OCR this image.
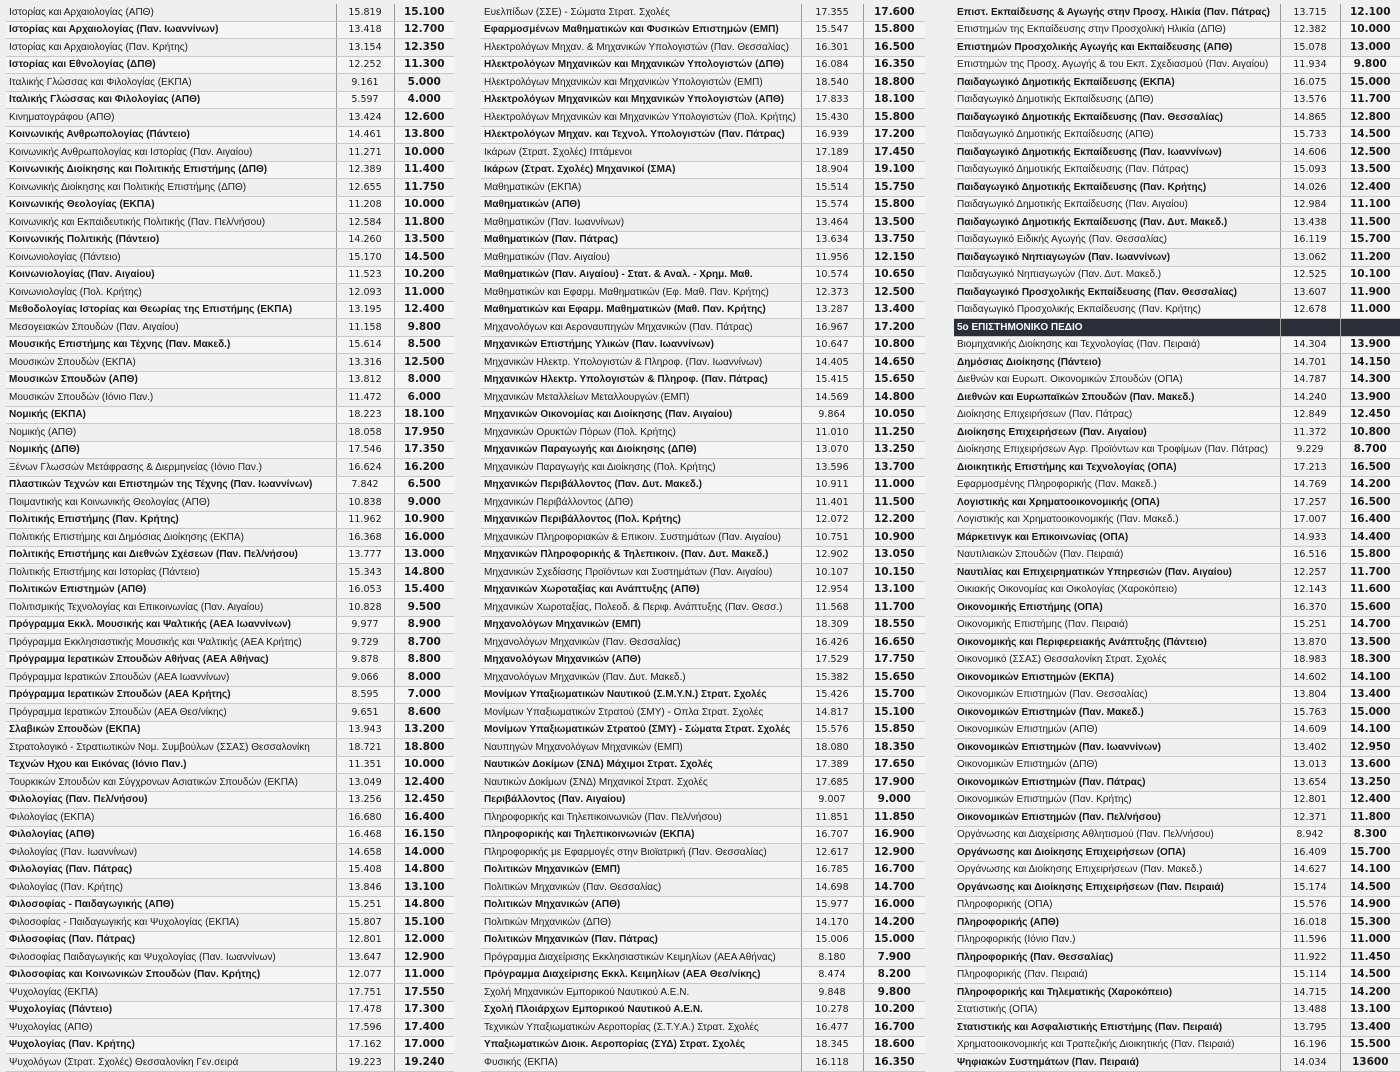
Ιστορίας και Αρχαιολογίας (ΑΠΘ)	15.819	15.100
Ιστορίας και Αρχαιολογίας (Παν. Ιωαννίνων)	13.418	12.700
Ιστορίας και Αρχαιολογίας (Παν. Κρήτης)	13.154	12.350
Ιστορίας και Εθνολογίας (ΔΠΘ)	12.252	11.300
Ιταλικής Γλώσσας και Φιλολογίας (ΕΚΠΑ)	9.161	5.000
Ιταλικής Γλώσσας και Φιλολογίας (ΑΠΘ)	5.597	4.000
Κινηματογράφου (ΑΠΘ)	13.424	12.600
Κοινωνικής Ανθρωπολογίας (Πάντειο)	14.461	13.800
Κοινωνικής Ανθρωπολογίας και Ιστορίας (Παν. Αιγαίου)	11.271	10.000
Κοινωνικής Διοίκησης και Πολιτικής Επιστήμης (ΔΠΘ)	12.389	11.400
Κοινωνικής Διοίκησης και Πολιτικής Επιστήμης (ΔΠΘ)	12.655	11.750
Κοινωνικής Θεολογίας (ΕΚΠΑ)	11.208	10.000
Κοινωνικής και Εκπαιδευτικής Πολιτικής (Παν. Πελ/νήσου)	12.584	11.800
Κοινωνικής Πολιτικής (Πάντειο)	14.260	13.500
Κοινωνιολογίας (Πάντειο)	15.170	14.500
Κοινωνιολογίας (Παν. Αιγαίου)	11.523	10.200
Κοινωνιολογίας (Πολ. Κρήτης)	12.093	11.000
Μεθοδολογίας Ιστορίας και Θεωρίας της Επιστήμης (ΕΚΠΑ)	13.195	12.400
Μεσογειακών Σπουδών (Παν. Αιγαίου)	11.158	9.800
Μουσικής Επιστήμης και Τέχνης (Παν. Μακεδ.)	15.614	8.500
Μουσικών Σπουδών (ΕΚΠΑ)	13.316	12.500
Μουσικών Σπουδών (ΑΠΘ)	13.812	8.000
Μουσικών Σπουδών (Ιόνιο Παν.)	11.472	6.000
Νομικής (ΕΚΠΑ)	18.223	18.100
Νομικής (ΑΠΘ)	18.058	17.950
Νομικής (ΔΠΘ)	17.546	17.350
Ξένων Γλωσσών Μετάφρασης & Διερμηνείας (Ιόνιο Παν.)	16.624	16.200
Πλαστικών Τεχνών και Επιστημών της Τέχνης (Παν. Ιωαννίνων)	7.842	6.500
Ποιμαντικής και Κοινωνικής Θεολογίας (ΑΠΘ)	10.838	9.000
Πολιτικής Επιστήμης (Παν. Κρήτης)	11.962	10.900
Πολιτικής Επιστήμης και Δημόσιας Διοίκησης (ΕΚΠΑ)	16.368	16.000
Πολιτικής Επιστήμης και Διεθνών Σχέσεων (Παν. Πελ/νήσου)	13.777	13.000
Πολιτικής Επιστήμης και Ιστορίας (Πάντειο)	15.343	14.800
Πολιτικών Επιστημών (ΑΠΘ)	16.053	15.400
Πολιτισμικής Τεχνολογίας και Επικοινωνίας (Παν. Αιγαίου)	10.828	9.500
Πρόγραμμα Εκκλ. Μουσικής και Ψαλτικής (ΑΕΑ Ιωαννίνων)	9.977	8.900
Πρόγραμμα Εκκλησιαστικής Μουσικής και Ψαλτικής (ΑΕΑ Κρήτης)	9.729	8.700
Πρόγραμμα Ιερατικών Σπουδών Αθήνας (ΑΕΑ Αθήνας)	9.878	8.800
Πρόγραμμα Ιερατικών Σπουδών (ΑΕΑ Ιωαννίνων)	9.066	8.000
Πρόγραμμα Ιερατικών Σπουδών (ΑΕΑ Κρήτης)	8.595	7.000
Πρόγραμμα Ιερατικών Σπουδών (ΑΕΑ Θεσ/νίκης)	9.651	8.600
Σλαβικών Σπουδών (ΕΚΠΑ)	13.943	13.200
Στρατολογικό - Στρατιωτικών Νομ. Συμβούλων (ΣΣΑΣ) Θεσσαλονίκη	18.721	18.800
Τεχνών Ηχου και Εικόνας (Ιόνιο Παν.)	11.351	10.000
Τουρκικών Σπουδών και Σύγχρονων Ασιατικών Σπουδών (ΕΚΠΑ)	13.049	12.400
Φιλολογίας (Παν. Πελ/νήσου)	13.256	12.450
Φιλολογίας (ΕΚΠΑ)	16.680	16.400
Φιλολογίας (ΑΠΘ)	16.468	16.150
Φιλολογίας (Παν. Ιωαννίνων)	14.658	14.000
Φιλολογίας (Παν. Πάτρας)	15.408	14.800
Φιλολογίας (Παν. Κρήτης)	13.846	13.100
Φιλοσοφίας - Παιδαγωγικής (ΑΠΘ)	15.251	14.800
Φιλοσοφίας - Παιδαγωγικής και Ψυχολογίας (ΕΚΠΑ)	15.807	15.100
Φιλοσοφίας (Παν. Πάτρας)	12.801	12.000
Φιλοσοφίας Παιδαγωγικής και Ψυχολογίας (Παν. Ιωαννίνων)	13.647	12.900
Φιλοσοφίας και Κοινωνικών Σπουδών (Παν. Κρήτης)	12.077	11.000
Ψυχολογίας (ΕΚΠΑ)	17.751	17.550
Ψυχολογίας (Πάντειο)	17.478	17.300
Ψυχολογίας (ΑΠΘ)	17.596	17.400
Ψυχολογίας (Παν. Κρήτης)	17.162	17.000
Ψυχολόγων (Στρατ. Σχολές) Θεσσαλονίκη Γεν.σειρά	19.223	19.240
Ευελπίδων (ΣΣΕ) - Σώματα Στρατ. Σχολές	17.355	17.600
Εφαρμοσμένων Μαθηματικών και Φυσικών Επιστημών (ΕΜΠ)	15.547	15.800
Ηλεκτρολόγων Μηχαν. & Μηχανικών Υπολογιστών (Παν. Θεσσαλίας)	16.301	16.500
Ηλεκτρολόγων Μηχανικών και Μηχανικών Υπολογιστών (ΔΠΘ)	16.084	16.350
Ηλεκτρολόγων Μηχανικών και Μηχανικών Υπολογιστών (ΕΜΠ)	18.540	18.800
Ηλεκτρολόγων Μηχανικών και Μηχανικών Υπολογιστών (ΑΠΘ)	17.833	18.100
Ηλεκτρολόγων Μηχανικών και Μηχανικών Υπολογιστών (Πολ. Κρήτης)	15.430	15.800
Ηλεκτρολόγων Μηχαν. και Τεχνολ. Υπολογιστών (Παν. Πάτρας)	16.939	17.200
Ικάρων (Στρατ. Σχολές) Ιπτάμενοι	17.189	17.450
Ικάρων (Στρατ. Σχολές) Μηχανικοί (ΣΜΑ)	18.904	19.100
Μαθηματικών (ΕΚΠΑ)	15.514	15.750
Μαθηματικών (ΑΠΘ)	15.574	15.800
Μαθηματικών (Παν. Ιωαννίνων)	13.464	13.500
Μαθηματικών (Παν. Πάτρας)	13.634	13.750
Μαθηματικών (Παν. Αιγαίου)	11.956	12.150
Μαθηματικών (Παν. Αιγαίου) - Στατ. & Αναλ. - Χρημ. Μαθ.	10.574	10.650
Μαθηματικών και Εφαρμ. Μαθηματικών (Εφ. Μαθ. Παν. Κρήτης)	12.373	12.500
Μαθηματικών και Εφαρμ. Μαθηματικών (Μαθ. Παν. Κρήτης)	13.287	13.400
Μηχανολόγων και Αεροναυπηγών Μηχανικών (Παν. Πάτρας)	16.967	17.200
Μηχανικών Επιστήμης Υλικών (Παν. Ιωαννίνων)	10.647	10.800
Μηχανικών Ηλεκτρ. Υπολογιστών & Πληροφ. (Παν. Ιωαννίνων)	14.405	14.650
Μηχανικών Ηλεκτρ. Υπολογιστών & Πληροφ. (Παν. Πάτρας)	15.415	15.650
Μηχανικών Μεταλλείων Μεταλλουργών (ΕΜΠ)	14.569	14.800
Μηχανικών Οικονομίας και Διοίκησης (Παν. Αιγαίου)	9.864	10.050
Μηχανικών Ορυκτών Πόρων (Πολ. Κρήτης)	11.010	11.250
Μηχανικών Παραγωγής και Διοίκησης (ΔΠΘ)	13.070	13.250
Μηχανικών Παραγωγής και Διοίκησης (Πολ. Κρήτης)	13.596	13.700
Μηχανικών Περιβάλλοντος (Παν. Δυτ. Μακεδ.)	10.911	11.000
Μηχανικών Περιβάλλοντος (ΔΠΘ)	11.401	11.500
Μηχανικών Περιβάλλοντος (Πολ. Κρήτης)	12.072	12.200
Μηχανικών Πληροφοριακών & Επικοιν. Συστημάτων (Παν. Αιγαίου)	10.751	10.900
Μηχανικών Πληροφορικής & Τηλεπικοιν. (Παν. Δυτ. Μακεδ.)	12.902	13.050
Μηχανικών Σχεδίασης Προϊόντων και Συστημάτων (Παν. Αιγαίου)	10.107	10.150
Μηχανικών Χωροταξίας και Ανάπτυξης (ΑΠΘ)	12.954	13.100
Μηχανικών Χωροταξίας, Πολεοδ. & Περιφ. Ανάπτυξης (Παν. Θεσσ.)	11.568	11.700
Μηχανολόγων Μηχανικών (ΕΜΠ)	18.309	18.550
Μηχανολόγων Μηχανικών (Παν. Θεσσαλίας)	16.426	16.650
Μηχανολόγων Μηχανικών (ΑΠΘ)	17.529	17.750
Μηχανολόγων Μηχανικών (Παν. Δυτ. Μακεδ.)	15.382	15.650
Μονίμων Υπαξιωματικών Ναυτικού (Σ.Μ.Υ.Ν.) Στρατ. Σχολές	15.426	15.700
Μονίμων Υπαξιωματικών Στρατού (ΣΜΥ) - Οπλα Στρατ. Σχολές	14.817	15.100
Μονίμων Υπαξιωματικών Στρατού (ΣΜΥ) - Σώματα Στρατ. Σχολές	15.576	15.850
Ναυπηγών Μηχανολόγων Μηχανικών (ΕΜΠ)	18.080	18.350
Ναυτικών Δοκίμων (ΣΝΔ) Μάχιμοι Στρατ. Σχολές	17.389	17.650
Ναυτικών Δοκίμων (ΣΝΔ) Μηχανικοί Στρατ. Σχολές	17.685	17.900
Περιβάλλοντος (Παν. Αιγαίου)	9.007	9.000
Πληροφορικής και Τηλεπικοινωνιών (Παν. Πελ/νήσου)	11.851	11.850
Πληροφορικής και Τηλεπικοινωνιών (ΕΚΠΑ)	16.707	16.900
Πληροφορικής με Εφαρμογές στην Βιοϊατρική (Παν. Θεσσαλίας)	12.617	12.900
Πολιτικών Μηχανικών (ΕΜΠ)	16.785	16.700
Πολιτικών Μηχανικών (Παν. Θεσσαλίας)	14.698	14.700
Πολιτικών Μηχανικών (ΑΠΘ)	15.977	16.000
Πολιτικών Μηχανικών (ΔΠΘ)	14.170	14.200
Πολιτικών Μηχανικών (Παν. Πάτρας)	15.006	15.000
Πρόγραμμα Διαχείρισης Εκκλησιαστικών Κειμηλίων (ΑΕΑ Αθήνας)	8.180	7.900
Πρόγραμμα Διαχείρισης Εκκλ. Κειμηλίων (ΑΕΑ Θεσ/νίκης)	8.474	8.200
Σχολή Μηχανικών Εμπορικού Ναυτικού Α.Ε.Ν.	9.848	9.800
Σχολή Πλοιάρχων Εμπορικού Ναυτικού Α.Ε.Ν.	10.278	10.200
Τεχνικών Υπαξιωματικών Αεροπορίας (Σ.Τ.Υ.Α.) Στρατ. Σχολές	16.477	16.700
Υπαξιωματικών Διοικ. Αεροπορίας (ΣΥΔ) Στρατ. Σχολές	18.345	18.600
Φυσικής (ΕΚΠΑ)	16.118	16.350
Επιστ. Εκπαίδευσης & Αγωγής στην Προσχ. Ηλικία (Παν. Πάτρας)	13.715	12.100
Επιστημών της Εκπαίδευσης στην Προσχολική Ηλικία (ΔΠΘ)	12.382	10.000
Επιστημών Προσχολικής Αγωγής και Εκπαίδευσης (ΑΠΘ)	15.078	13.000
Επιστημών της Προσχ. Αγωγής & του Εκπ. Σχεδιασμού (Παν. Αιγαίου)	11.934	9.800
Παιδαγωγικό Δημοτικής Εκπαίδευσης (ΕΚΠΑ)	16.075	15.000
Παιδαγωγικό Δημοτικής Εκπαίδευσης (ΔΠΘ)	13.576	11.700
Παιδαγωγικό Δημοτικής Εκπαίδευσης (Παν. Θεσσαλίας)	14.865	12.800
Παιδαγωγικό Δημοτικής Εκπαίδευσης (ΑΠΘ)	15.733	14.500
Παιδαγωγικό Δημοτικής Εκπαίδευσης (Παν. Ιωαννίνων)	14.606	12.500
Παιδαγωγικό Δημοτικής Εκπαίδευσης (Παν. Πάτρας)	15.093	13.500
Παιδαγωγικό Δημοτικής Εκπαίδευσης (Παν. Κρήτης)	14.026	12.400
Παιδαγωγικό Δημοτικής Εκπαίδευσης (Παν. Αιγαίου)	12.984	11.100
Παιδαγωγικό Δημοτικής Εκπαίδευσης (Παν. Δυτ. Μακεδ.)	13.438	11.500
Παιδαγωγικό Ειδικής Αγωγής (Παν. Θεσσαλίας)	16.119	15.700
Παιδαγωγικό Νηπιαγωγών (Παν. Ιωαννίνων)	13.062	11.200
Παιδαγωγικό Νηπιαγωγών (Παν. Δυτ. Μακεδ.)	12.525	10.100
Παιδαγωγικό Προσχολικής Εκπαίδευσης (Παν. Θεσσαλίας)	13.607	11.900
Παιδαγωγικό Προσχολικής Εκπαίδευσης (Παν. Κρήτης)	12.678	11.000
5ο ΕΠΙΣΤΗΜΟΝΙΚΟ ΠΕΔΙΟ		
Βιομηχανικής Διοίκησης και Τεχνολογίας (Παν. Πειραιά)	14.304	13.900
Δημόσιας Διοίκησης (Πάντειο)	14.701	14.150
Διεθνών και Ευρωπ. Οικονομικών Σπουδών (ΟΠΑ)	14.787	14.300
Διεθνών και Ευρωπαϊκών Σπουδών (Παν. Μακεδ.)	14.240	13.900
Διοίκησης Επιχειρήσεων (Παν. Πάτρας)	12.849	12.450
Διοίκησης Επιχειρήσεων (Παν. Αιγαίου)	11.372	10.800
Διοίκησης Επιχειρήσεων Αγρ. Προϊόντων και Τροφίμων (Παν. Πάτρας)	9.229	8.700
Διοικητικής Επιστήμης και Τεχνολογίας (ΟΠΑ)	17.213	16.500
Εφαρμοσμένης Πληροφορικής (Παν. Μακεδ.)	14.769	14.200
Λογιστικής και Χρηματοοικονομικής (ΟΠΑ)	17.257	16.500
Λογιστικής και Χρηματοοικονομικής (Παν. Μακεδ.)	17.007	16.400
Μάρκετινγκ και Επικοινωνίας (ΟΠΑ)	14.933	14.400
Ναυτιλιακών Σπουδών (Παν. Πειραιά)	16.516	15.800
Ναυτιλίας και Επιχειρηματικών Υπηρεσιών (Παν. Αιγαίου)	12.257	11.700
Οικιακής Οικονομίας και Οικολογίας (Χαροκόπειο)	12.143	11.600
Οικονομικής Επιστήμης (ΟΠΑ)	16.370	15.600
Οικονομικής Επιστήμης (Παν. Πειραιά)	15.251	14.700
Οικονομικής και Περιφερειακής Ανάπτυξης (Πάντειο)	13.870	13.500
Οικονομικό (ΣΣΑΣ) Θεσσαλονίκη Στρατ. Σχολές	18.983	18.300
Οικονομικών Επιστημών (ΕΚΠΑ)	14.602	14.100
Οικονομικών Επιστημών (Παν. Θεσσαλίας)	13.804	13.400
Οικονομικών Επιστημών (Παν. Μακεδ.)	15.763	15.000
Οικονομικών Επιστημών (ΑΠΘ)	14.609	14.100
Οικονομικών Επιστημών (Παν. Ιωαννίνων)	13.402	12.950
Οικονομικών Επιστημών (ΔΠΘ)	13.013	13.600
Οικονομικών Επιστημών (Παν. Πάτρας)	13.654	13.250
Οικονομικών Επιστημών (Παν. Κρήτης)	12.801	12.400
Οικονομικών Επιστημών (Παν. Πελ/νήσου)	12.371	11.800
Οργάνωσης και Διαχείρισης Αθλητισμού (Παν. Πελ/νήσου)	8.942	8.300
Οργάνωσης και Διοίκησης Επιχειρήσεων (ΟΠΑ)	16.409	15.700
Οργάνωσης και Διοίκησης Επιχειρήσεων (Παν. Μακεδ.)	14.627	14.100
Οργάνωσης και Διοίκησης Επιχειρήσεων (Παν. Πειραιά)	15.174	14.500
Πληροφορικής (ΟΠΑ)	15.576	14.900
Πληροφορικής (ΑΠΘ)	16.018	15.300
Πληροφορικής (Ιόνιο Παν.)	11.596	11.000
Πληροφορικής (Παν. Θεσσαλίας)	11.922	11.450
Πληροφορικής (Παν. Πειραιά)	15.114	14.500
Πληροφορικής και Τηλεματικής (Χαροκόπειο)	14.715	14.200
Στατιστικής (ΟΠΑ)	13.488	13.100
Στατιστικής και Ασφαλιστικής Επιστήμης (Παν. Πειραιά)	13.795	13.400
Χρηματοοικονομικής και Τραπεζικής Διοικητικής (Παν. Πειραιά)	16.196	15.500
Ψηφιακών Συστημάτων (Παν. Πειραιά)	14.034	13600
